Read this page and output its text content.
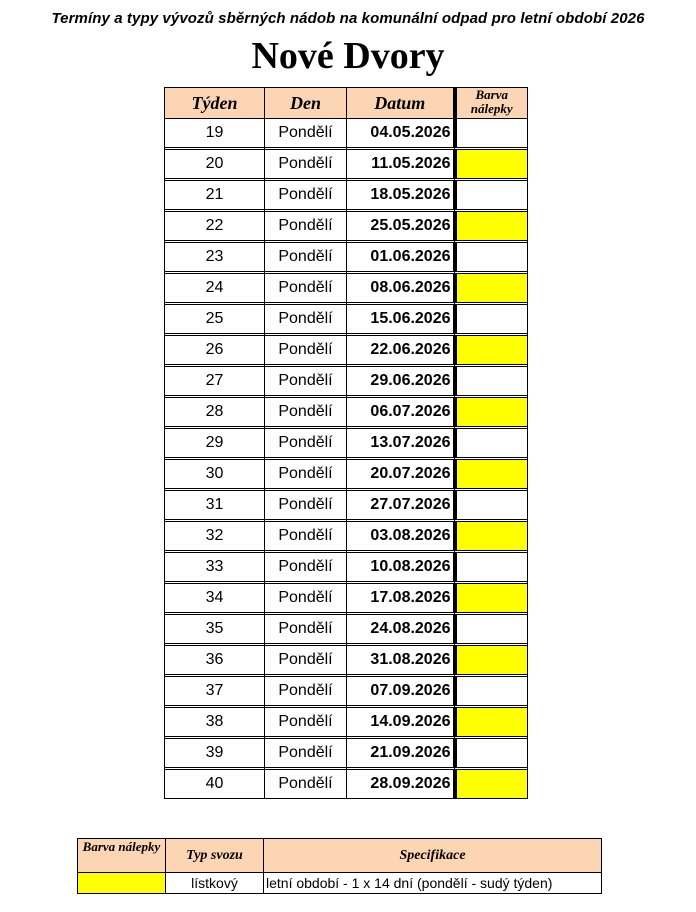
Termíny a typy vývozů sběrných nádob na komunální odpad pro letní období 2026
Nové Dvory
Týden	Den	Datum	Barva nálepky
19	Pondělí	04.05.2026	

20	Pondělí	11.05.2026	

21	Pondělí	18.05.2026	

22	Pondělí	25.05.2026	

23	Pondělí	01.06.2026	

24	Pondělí	08.06.2026	

25	Pondělí	15.06.2026	

26	Pondělí	22.06.2026	

27	Pondělí	29.06.2026	

28	Pondělí	06.07.2026	

29	Pondělí	13.07.2026	

30	Pondělí	20.07.2026	

31	Pondělí	27.07.2026	

32	Pondělí	03.08.2026	

33	Pondělí	10.08.2026	

34	Pondělí	17.08.2026	

35	Pondělí	24.08.2026	

36	Pondělí	31.08.2026	

37	Pondělí	07.09.2026	

38	Pondělí	14.09.2026	

39	Pondělí	21.09.2026	

40	Pondělí	28.09.2026	
Barva nálepky	Typ svozu	Specifikace
	lístkový	letní období - 1 x 14 dní (pondělí - sudý týden)
